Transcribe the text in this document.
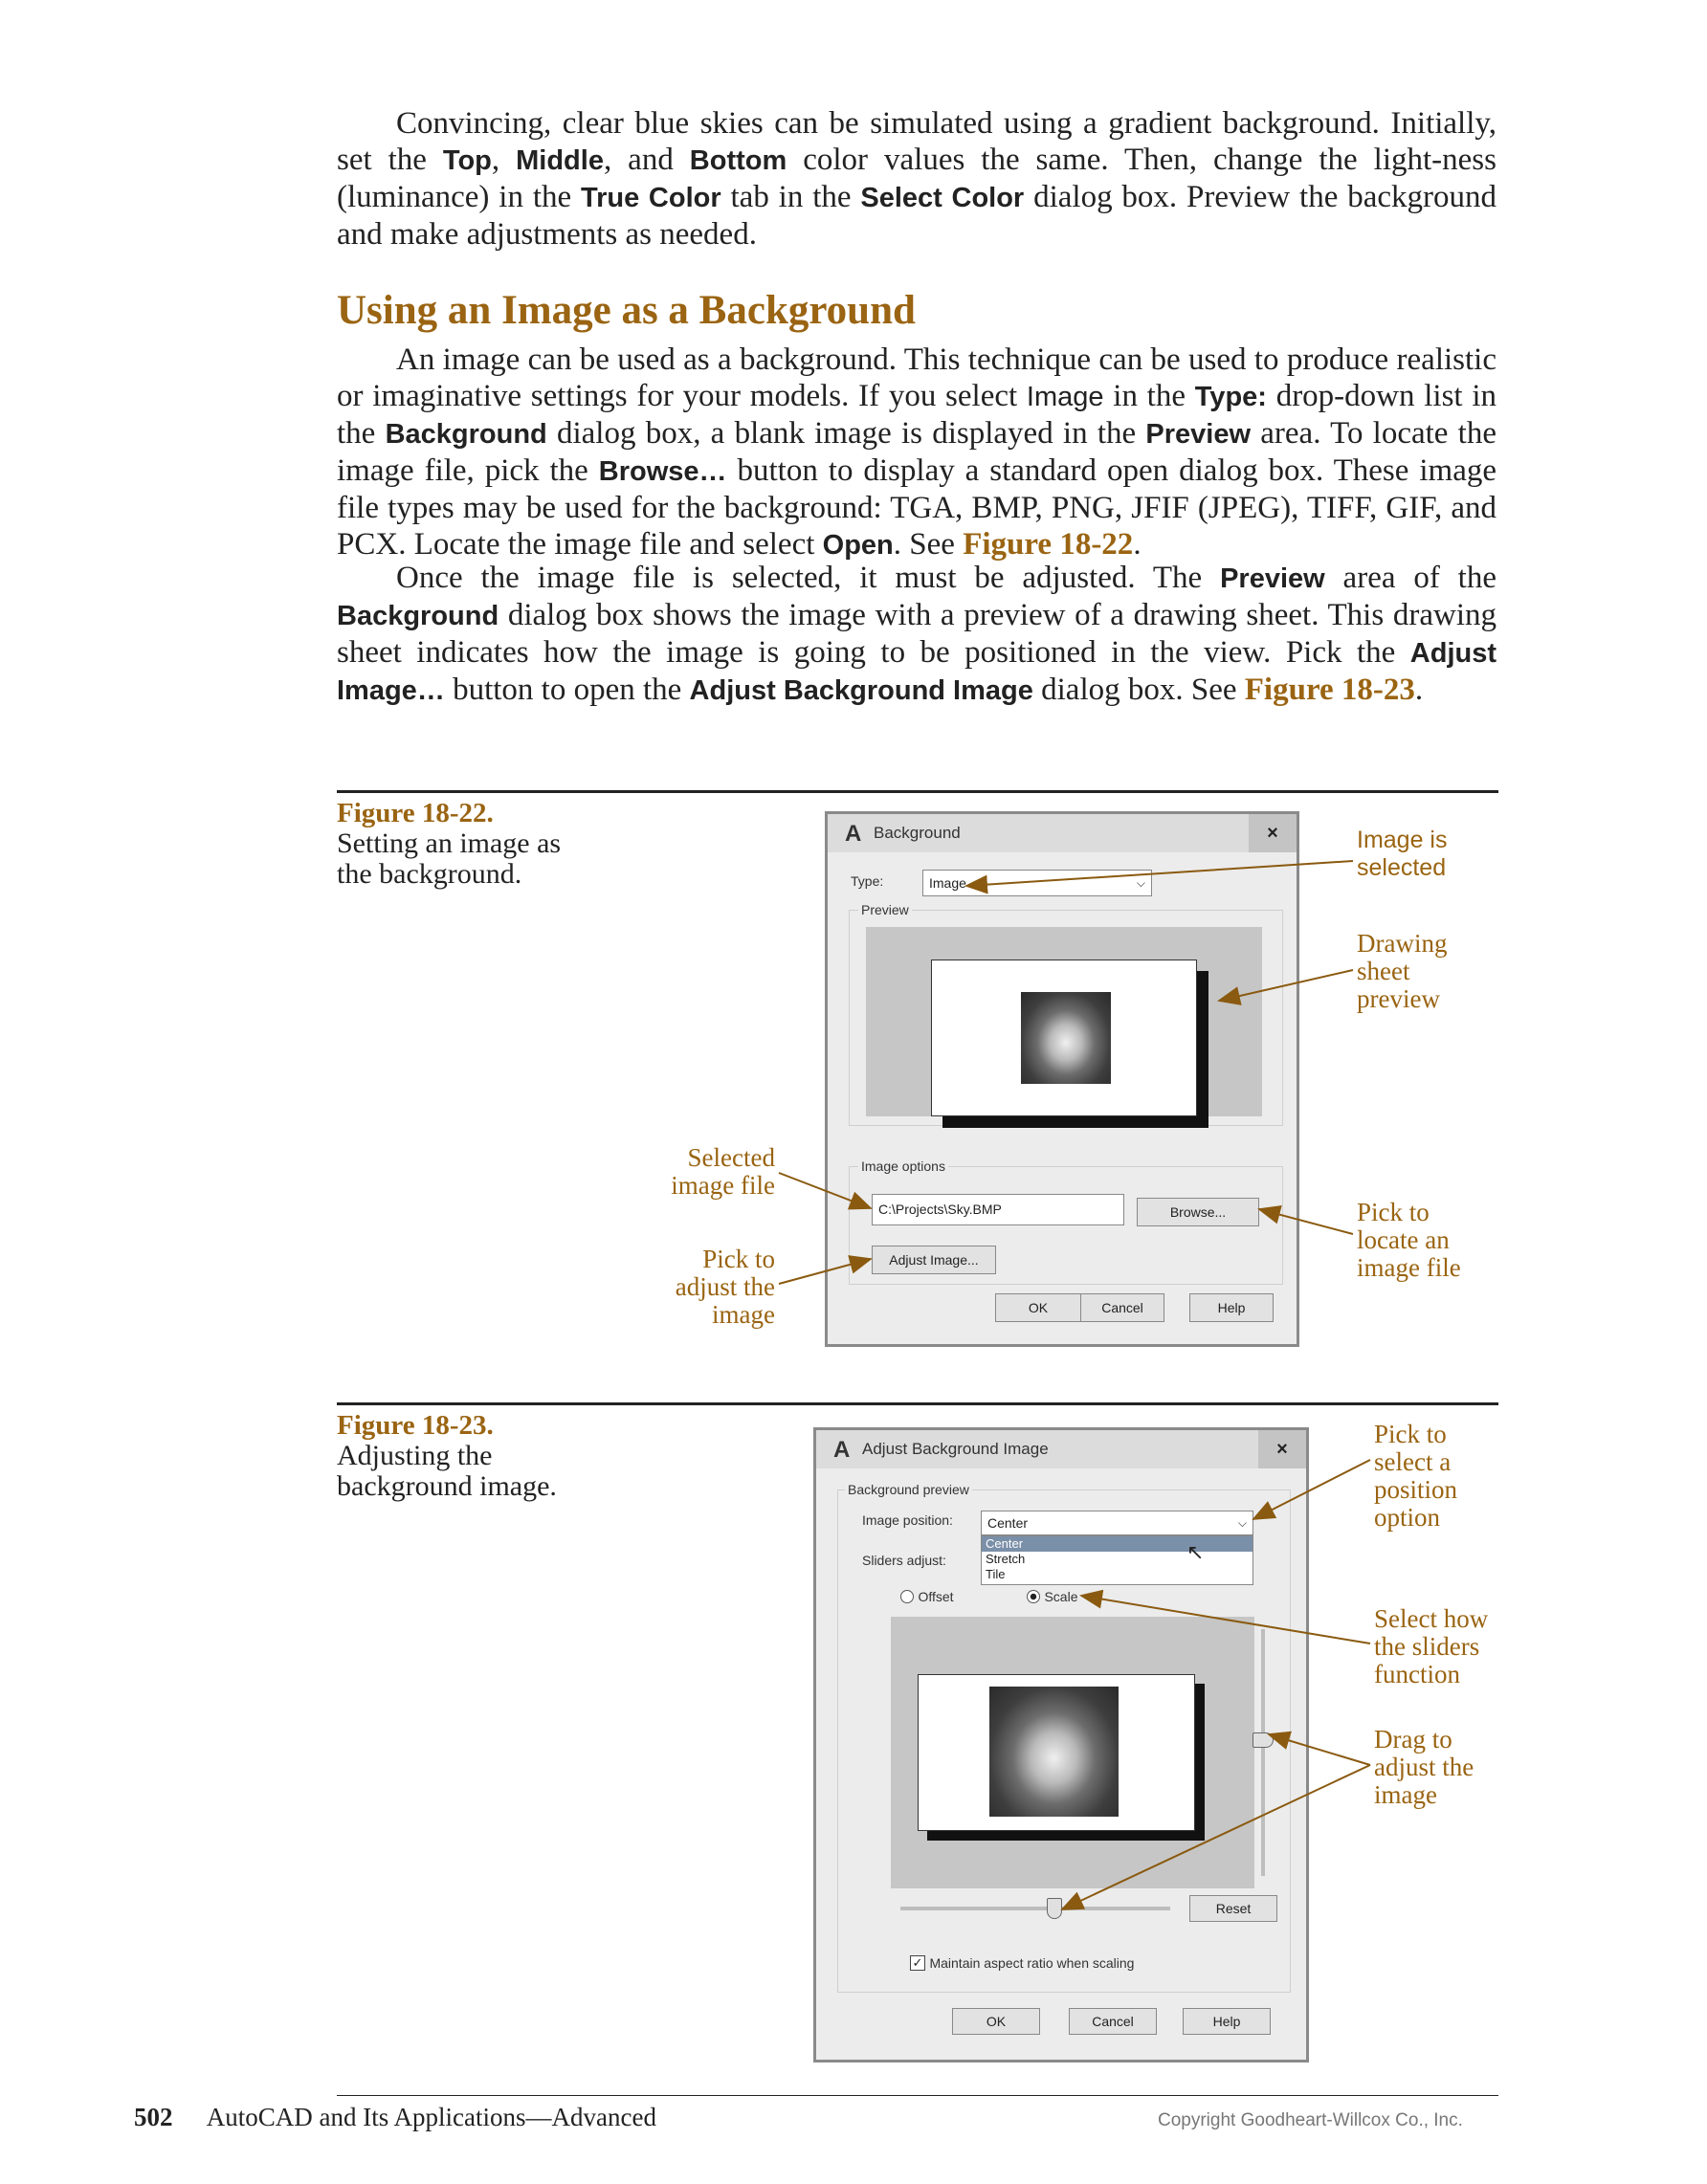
Convincing, clear blue skies can be simulated using a gradient background. Initially, set the Top, Middle, and Bottom color values the same. Then, change the light-ness (luminance) in the True Color tab in the Select Color dialog box. Preview the background and make adjustments as needed.

Using an Image as a Background

An image can be used as a background. This technique can be used to produce realistic or imaginative settings for your models. If you select Image in the Type: drop-down list in the Background dialog box, a blank image is displayed in the Preview area. To locate the image file, pick the Browse… button to display a standard open dialog box. These image file types may be used for the background: TGA, BMP, PNG, JFIF (JPEG), TIFF, GIF, and PCX. Locate the image file and select Open. See Figure 18-22.

Once the image file is selected, it must be adjusted. The Preview area of the Background dialog box shows the image with a preview of a drawing sheet. This drawing sheet indicates how the image is going to be positioned in the view. Pick the Adjust Image… button to open the Adjust Background Image dialog box. See Figure 18-23.

Figure 18-22.
Setting an image as
the background.
A Background	×
Type:	Image	⌵
Preview
Image options
C:\Projects\Sky.BMP	Browse...
Adjust Image...
OK	Cancel	Help
Image is
selected
Drawing
sheet
preview
Selected
image file
Pick to
adjust the
image
Pick to
locate an
image file
Figure 18-23.
Adjusting the
background image.
A Adjust Background Image	×
Background preview
Image position:	Center	⌵
Center
Stretch
Tile
↖
Sliders adjust:
Offset	Scale
Reset
✓ Maintain aspect ratio when scaling
OK	Cancel	Help
Pick to
select a
position
option
Select how
the sliders
function
Drag to
adjust the
image
502 AutoCAD and Its Applications—Advanced	Copyright Goodheart-Willcox Co., Inc.
